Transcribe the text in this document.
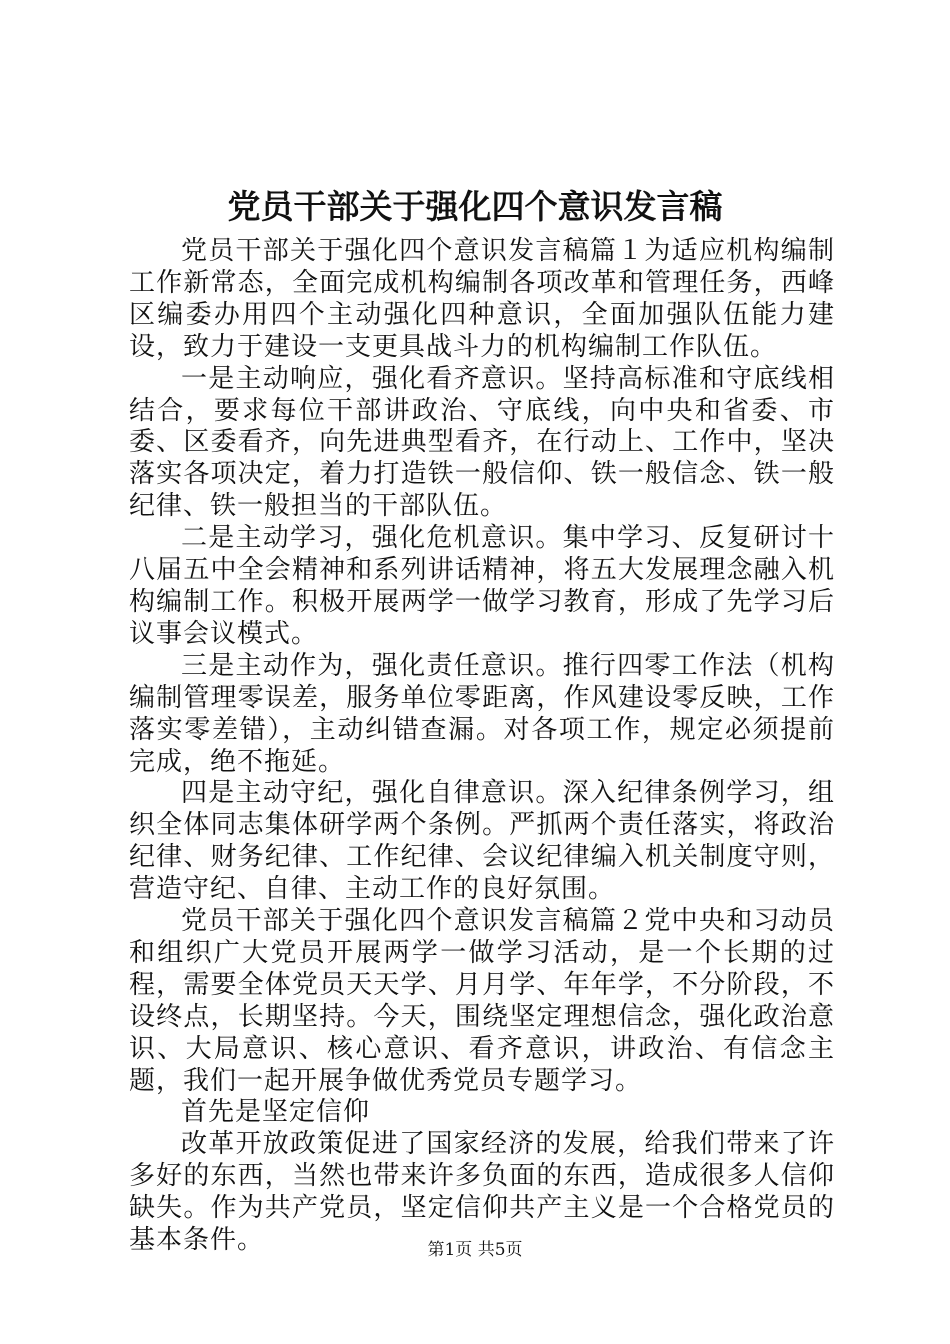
党员干部关于强化四个意识发言稿

党员干部关于强化四个意识发言稿篇１为适应机构编制工作新常态，全面完成机构编制各项改革和管理任务，西峰区编委办用四个主动强化四种意识，全面加强队伍能力建设，致力于建设一支更具战斗力的机构编制工作队伍。

一是主动响应，强化看齐意识。坚持高标准和守底线相结合，要求每位干部讲政治、守底线，向中央和省委、市委、区委看齐，向先进典型看齐，在行动上、工作中，坚决落实各项决定，着力打造铁一般信仰、铁一般信念、铁一般纪律、铁一般担当的干部队伍。

二是主动学习，强化危机意识。集中学习、反复研讨十八届五中全会精神和系列讲话精神，将五大发展理念融入机构编制工作。积极开展两学一做学习教育，形成了先学习后议事会议模式。

三是主动作为，强化责任意识。推行四零工作法（机构编制管理零误差，服务单位零距离，作风建设零反映，工作落实零差错），主动纠错查漏。对各项工作，规定必须提前完成，绝不拖延。

四是主动守纪，强化自律意识。深入纪律条例学习，组织全体同志集体研学两个条例。严抓两个责任落实，将政治纪律、财务纪律、工作纪律、会议纪律编入机关制度守则，营造守纪、自律、主动工作的良好氛围。

党员干部关于强化四个意识发言稿篇２党中央和习动员和组织广大党员开展两学一做学习活动，是一个长期的过程，需要全体党员天天学、月月学、年年学，不分阶段，不设终点，长期坚持。今天，围绕坚定理想信念，强化政治意识、大局意识、核心意识、看齐意识，讲政治、有信念主题，我们一起开展争做优秀党员专题学习。

首先是坚定信仰

改革开放政策促进了国家经济的发展，给我们带来了许多好的东西，当然也带来许多负面的东西，造成很多人信仰缺失。作为共产党员，坚定信仰共产主义是一个合格党员的基本条件。	第1页 共5页
